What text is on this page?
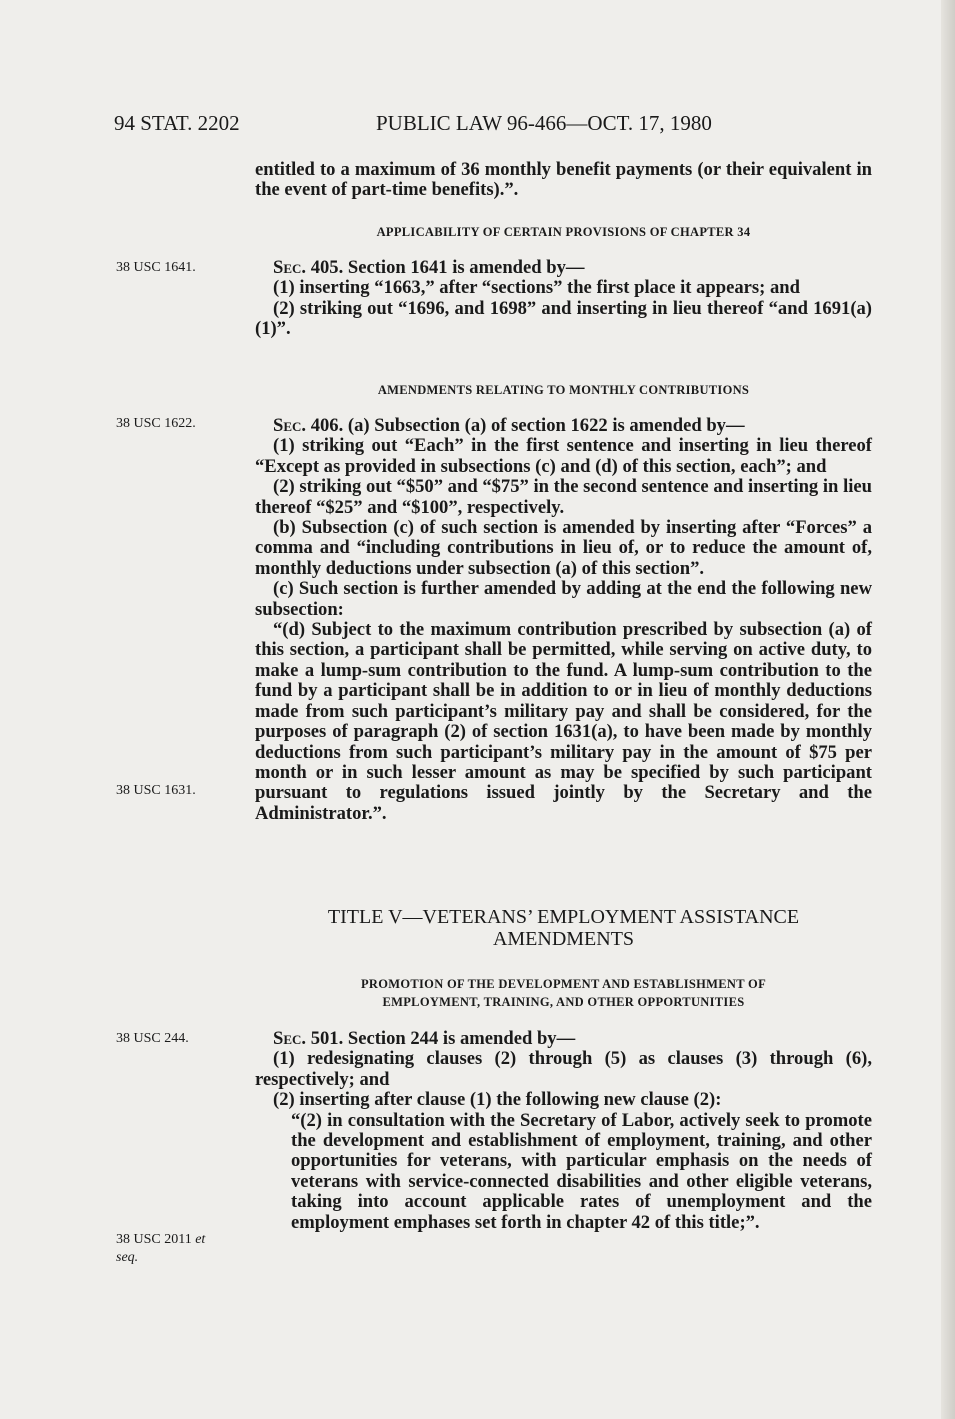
94 STAT. 2202	PUBLIC LAW 96-466—OCT. 17, 1980
38 USC 1641.
38 USC 1622.
38 USC 1631.
38 USC 244.
38 USC 2011 et
seq.

entitled to a maximum of 36 monthly benefit payments (or their equivalent in the event of part-time benefits).”.

APPLICABILITY OF CERTAIN PROVISIONS OF CHAPTER 34

Sec. 405. Section 1641 is amended by—

(1) inserting “1663,” after “sections” the first place it appears; and

(2) striking out “1696, and 1698” and inserting in lieu thereof “and 1691(a)(1)”.

AMENDMENTS RELATING TO MONTHLY CONTRIBUTIONS

Sec. 406. (a) Subsection (a) of section 1622 is amended by—

(1) striking out “Each” in the first sentence and inserting in lieu thereof “Except as provided in subsections (c) and (d) of this section, each”; and

(2) striking out “$50” and “$75” in the second sentence and inserting in lieu thereof “$25” and “$100”, respectively.

(b) Subsection (c) of such section is amended by inserting after “Forces” a comma and “including contributions in lieu of, or to reduce the amount of, monthly deductions under subsection (a) of this section”.

(c) Such section is further amended by adding at the end the following new subsection:

“(d) Subject to the maximum contribution prescribed by subsection (a) of this section, a participant shall be permitted, while serving on active duty, to make a lump-sum contribution to the fund. A lump-sum contribution to the fund by a participant shall be in addition to or in lieu of monthly deductions made from such participant’s military pay and shall be considered, for the purposes of paragraph (2) of section 1631(a), to have been made by monthly deductions from such participant’s military pay in the amount of $75 per month or in such lesser amount as may be specified by such participant pursuant to regulations issued jointly by the Secretary and the Administrator.”.

TITLE V—VETERANS’ EMPLOYMENT ASSISTANCE
AMENDMENTS
PROMOTION OF THE DEVELOPMENT AND ESTABLISHMENT OF
EMPLOYMENT, TRAINING, AND OTHER OPPORTUNITIES

Sec. 501. Section 244 is amended by—

(1) redesignating clauses (2) through (5) as clauses (3) through (6), respectively; and

(2) inserting after clause (1) the following new clause (2):

“(2) in consultation with the Secretary of Labor, actively seek to promote the development and establishment of employment, training, and other opportunities for veterans, with particular emphasis on the needs of veterans with service-connected disabilities and other eligible veterans, taking into account applicable rates of unemployment and the employment emphases set forth in chapter 42 of this title;”.
